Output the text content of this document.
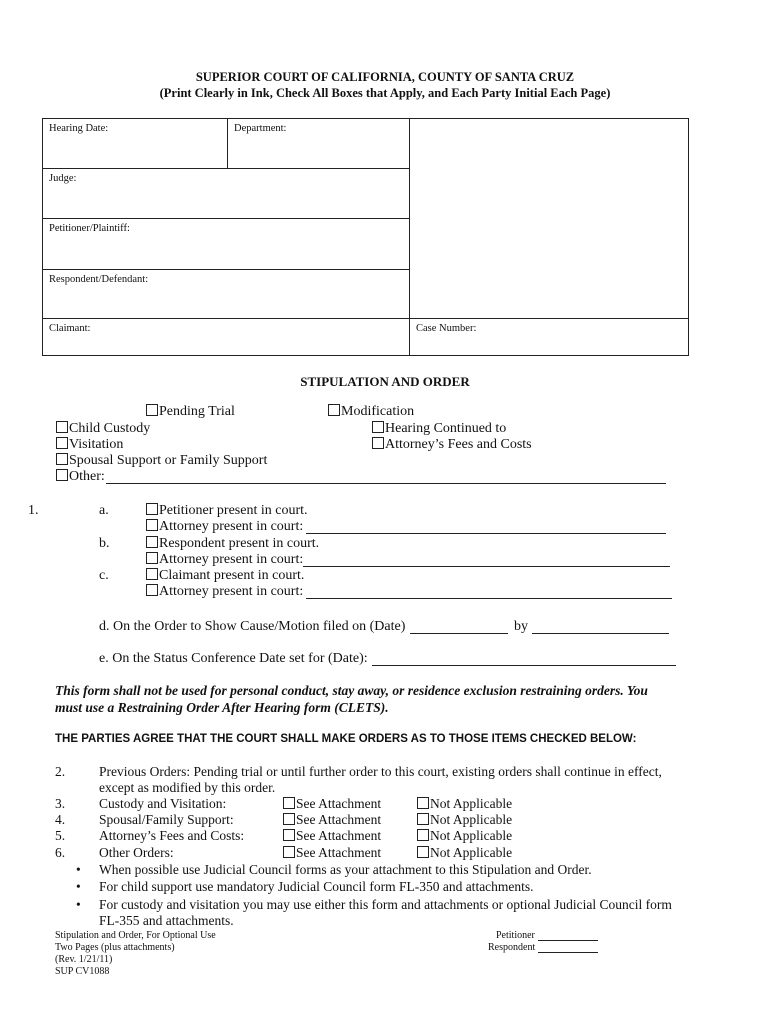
SUPERIOR COURT OF CALIFORNIA, COUNTY OF SANTA CRUZ
(Print Clearly in Ink, Check All Boxes that Apply, and Each Party Initial Each Page)
Hearing Date:	Department:
Judge:
Petitioner/Plaintiff:
Respondent/Defendant:
Claimant:	Case Number:
STIPULATION AND ORDER
Pending Trial	Modification
Child Custody	Hearing Continued to
Visitation	Attorney’s Fees and Costs
Spousal Support or Family Support
Other:
1.	a.	Petitioner present in court.
Attorney present in court:
b.	Respondent present in court.
Attorney present in court:
c.	Claimant present in court.
Attorney present in court:
d. On the Order to Show Cause/Motion filed on (Date)	by
e. On the Status Conference Date set for (Date):
This form shall not be used for personal conduct, stay away, or residence exclusion restraining orders. You
must use a Restraining Order After Hearing form (CLETS).
THE PARTIES AGREE THAT THE COURT SHALL MAKE ORDERS AS TO THOSE ITEMS CHECKED BELOW:
2.	Previous Orders: Pending trial or until further order to this court, existing orders shall continue in effect,
except as modified by this order.
3.	Custody and Visitation:	See Attachment	Not Applicable
4.	Spousal/Family Support:	See Attachment	Not Applicable
5.	Attorney’s Fees and Costs:	See Attachment	Not Applicable
6.	Other Orders:	See Attachment	Not Applicable
• When possible use Judicial Council forms as your attachment to this Stipulation and Order.
• For child support use mandatory Judicial Council form FL-350 and attachments.
• For custody and visitation you may use either this form and attachments or optional Judicial Council form
FL-355 and attachments.
Stipulation and Order, For Optional Use
Two Pages (plus attachments)
(Rev. 1/21/11)
SUP CV1088
Petitioner
Respondent
